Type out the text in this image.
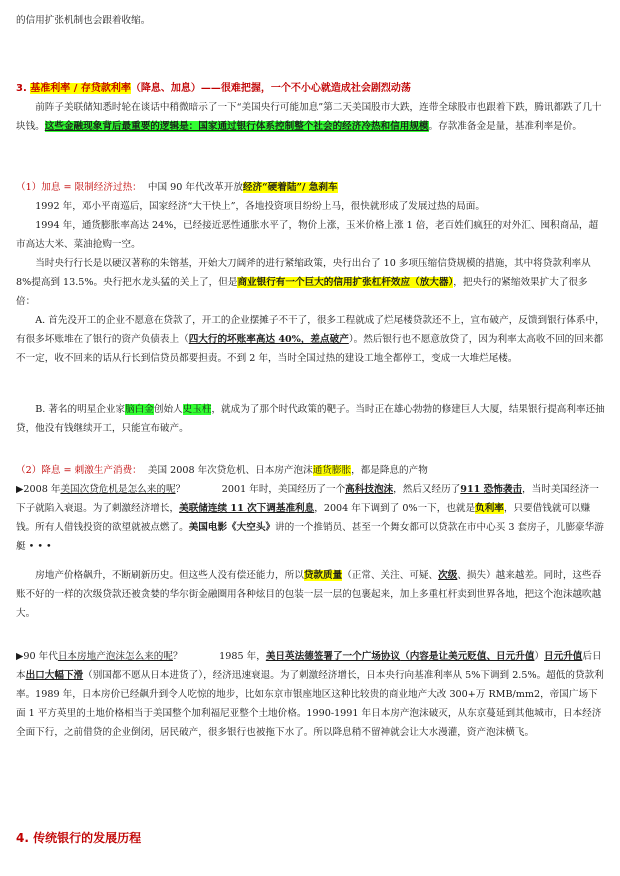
的信用扩张机制也会跟着收缩。

3. 基准利率 / 存贷款利率（降息、加息）——很难把握，一个不小心就造成社会剧烈动荡

前阵子美联储知悉时轮在谈话中稍微暗示了一下“美国央行可能加息”第二天美国股市大跌，连带全球股市也跟着下跌，腾讯都跌了几十块钱。这些金融现象背后最重要的逻辑是：国家通过银行体系控制整个社会的经济冷热和信用规模。存款准备金是量，基准利率是价。

（1）加息 = 限制经济过热： 中国 90 年代改革开放经济“硬着陆”/ 急刹车

1992 年，邓小平南巡后，国家经济“大干快上”，各地投资项目纷纷上马，很快就形成了发展过热的局面。

1994 年，通货膨胀率高达 24%，已经接近恶性通胀水平了，物价上涨，玉米价格上涨 1 倍，老百姓们疯狂的对外汇、囤积商品，超市高达大米、菜油抢购一空。

当时央行行长是以硬汉著称的朱镕基，开始大刀阔斧的进行紧缩政策，央行出台了 10 多项压缩信贷规模的措施，其中将贷款利率从 8%提高到 13.5%。央行把水龙头猛的关上了，但是商业银行有一个巨大的信用扩张杠杆效应（放大器），把央行的紧缩效果扩大了很多倍：

A. 首先没开工的企业不愿意在贷款了，开工的企业摆摊子不干了，很多工程就成了烂尾楼贷款还不上，宣布破产，反馈到银行体系中，有很多坏账堆在了银行的资产负债表上（四大行的坏账率高达 40%，差点破产）。然后银行也不愿意放贷了，因为利率太高收不回的回来都不一定，收不回来的话从行长到信贷员都要担责。不到 2 年，当时全国过热的建设工地全都停工，变成一大堆烂尾楼。

B. 著名的明星企业家脑白金创始人史玉柱，就成为了那个时代政策的靶子。当时正在雄心勃勃的修建巨人大厦，结果银行提高利率还抽贷，他没有钱继续开工，只能宣布破产。

（2）降息 = 刺激生产消费： 美国 2008 年次贷危机、日本房产泡沫通货膨胀，都是降息的产物

▶2008 年美国次贷危机是怎么来的呢？	2001 年时，美国经历了一个高科技泡沫，然后又经历了911 恐怖袭击，当时美国经济一下子就陷入衰退。为了刺激经济增长，美联储连续 11 次下调基准利息，2004 年下调到了 0%一下，也就是负利率，只要借钱就可以赚钱。所有人借钱投资的欲望就被点燃了。美国电影《大空头》讲的一个推销员、甚至一个舞女都可以贷款在市中心买 3 套房子，儿膨豪华游艇 • • •

房地产价格飙升，不断刷新历史。但这些人没有偿还能力，所以贷款质量（正常、关注、可疑、次级、损失）越来越差。同时，这些吞账不好的一样的次级贷款还被贪婪的华尔街金融圈用各种炫目的包装一层一层的包裹起来，加上多重杠杆卖到世界各地，把这个泡沫越吹越大。

▶90 年代日本房地产泡沫怎么来的呢？	1985 年，美日英法德签署了一个广场协议（内容是让美元贬值、日元升值）日元升值后日本出口大幅下滑（别国都不愿从日本进货了），经济迅速衰退。为了刺激经济增长，日本央行向基准利率从 5%下调到 2.5%。超低的贷款利率。1989 年，日本房价已经飙升到令人吃惊的地步，比如东京市银座地区这种比较贵的商业地产大改 300+万 RMB/mm2，帝国广场下面 1 平方英里的土地价格相当于美国整个加利福尼亚整个土地价格。1990-1991 年日本房产泡沫破灭，从东京蔓延到其他城市，日本经济全面下行，之前借贷的企业倒闭，居民破产，很多银行也被拖下水了。所以降息稍不留神就会让大水漫灌，资产泡沫横飞。

4. 传统银行的发展历程
